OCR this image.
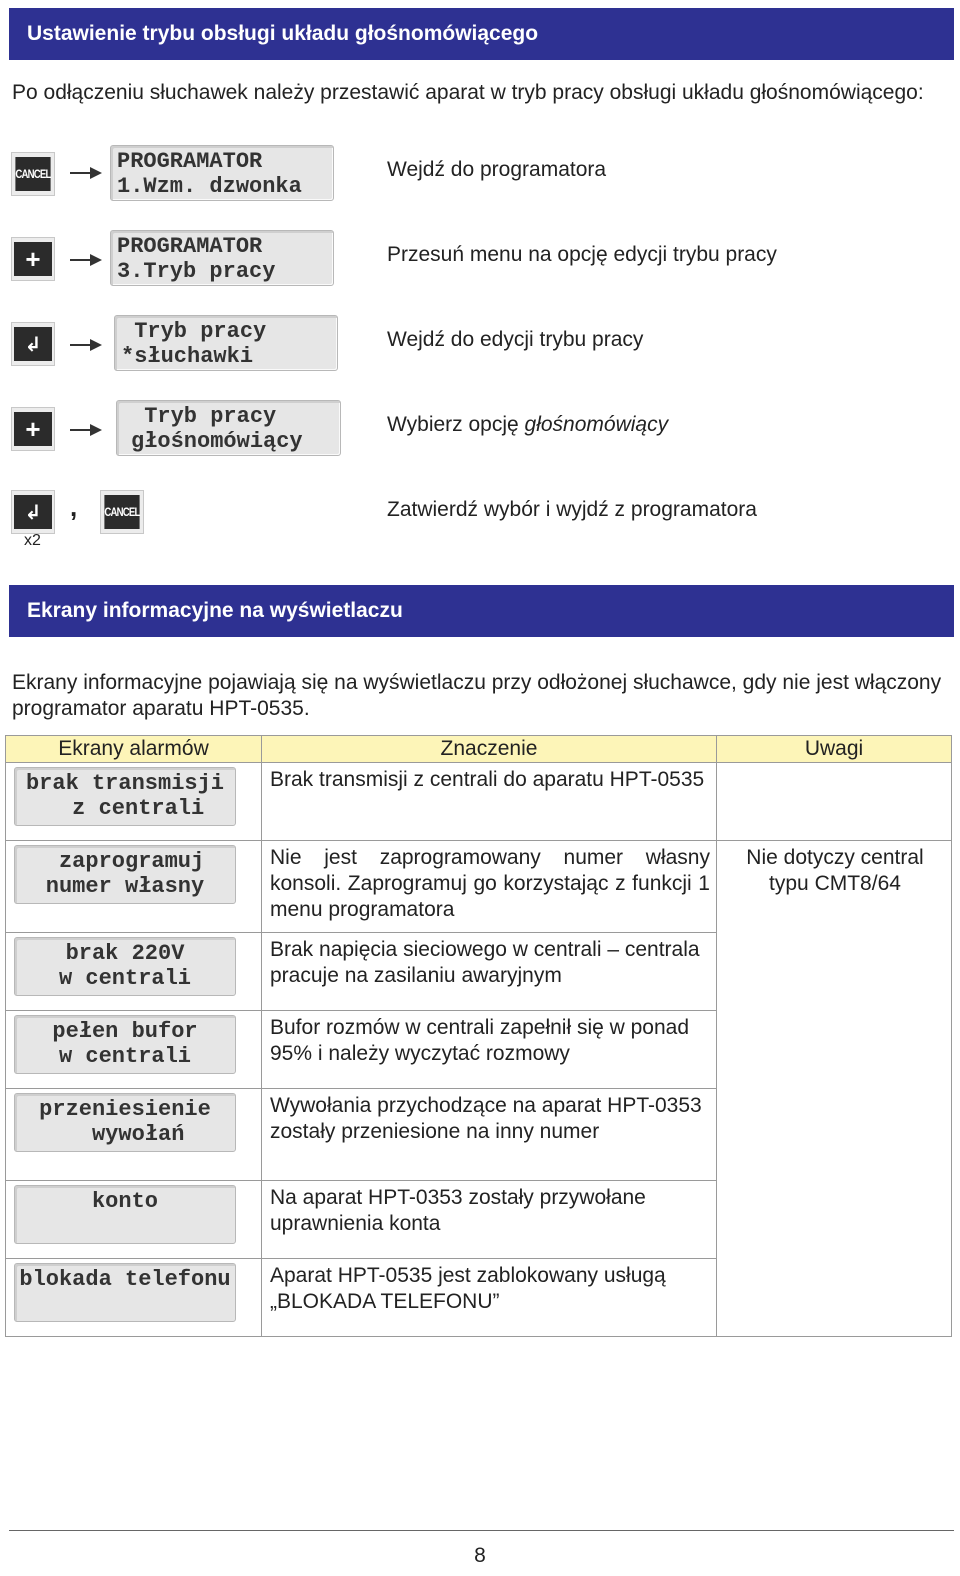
Ustawienie trybu obsługi układu głośnomówiącego
Po odłączeniu słuchawek należy przestawić aparat w tryb pracy obsługi układu głośnomówiącego:
CANCEL	PROGRAMATOR
1.Wzm. dzwonka
Wejdź do programatora
+	PROGRAMATOR
3.Tryb pracy
Przesuń menu na opcję edycji trybu pracy
↲
Tryb pracy
*słuchawki
Wejdź do edycji trybu pracy
+	Tryb pracy
głośnomówiący
Wybierz opcję głośnomówiący
↲
x2
, CANCEL	Zatwierdź wybór i wyjdź z programatora
Ekrany informacyjne na wyświetlaczu
Ekrany informacyjne pojawiają się na wyświetlaczu przy odłożonej słuchawce, gdy nie jest włączony programator aparatu HPT-0535.
Ekrany alarmów	Znaczenie	Uwagi

brak transmisji
z centrali	Brak transmisji z centrali do aparatu HPT-0535	

zaprogramuj
numer własny	Nie jest zaprogramowany numer własny konsoli. Zaprogramuj go korzystając z funkcji 1 menu programatora	Nie dotyczy central typu CMT8/64

brak 220V
w centrali	Brak napięcia sieciowego w centrali – centrala pracuje na zasilaniu awaryjnym	

pełen bufor
w centrali	Bufor rozmów w centrali zapełnił się w ponad 95% i należy wyczytać rozmowy	

przeniesienie
wywołań	Wywołania przychodzące na aparat HPT-0353 zostały przeniesione na inny numer	

konto	Na aparat HPT-0353 zostały przywołane uprawnienia konta	

blokada telefonu	Aparat HPT-0535 jest zablokowany usługą „BLOKADA TELEFONU”	
8
